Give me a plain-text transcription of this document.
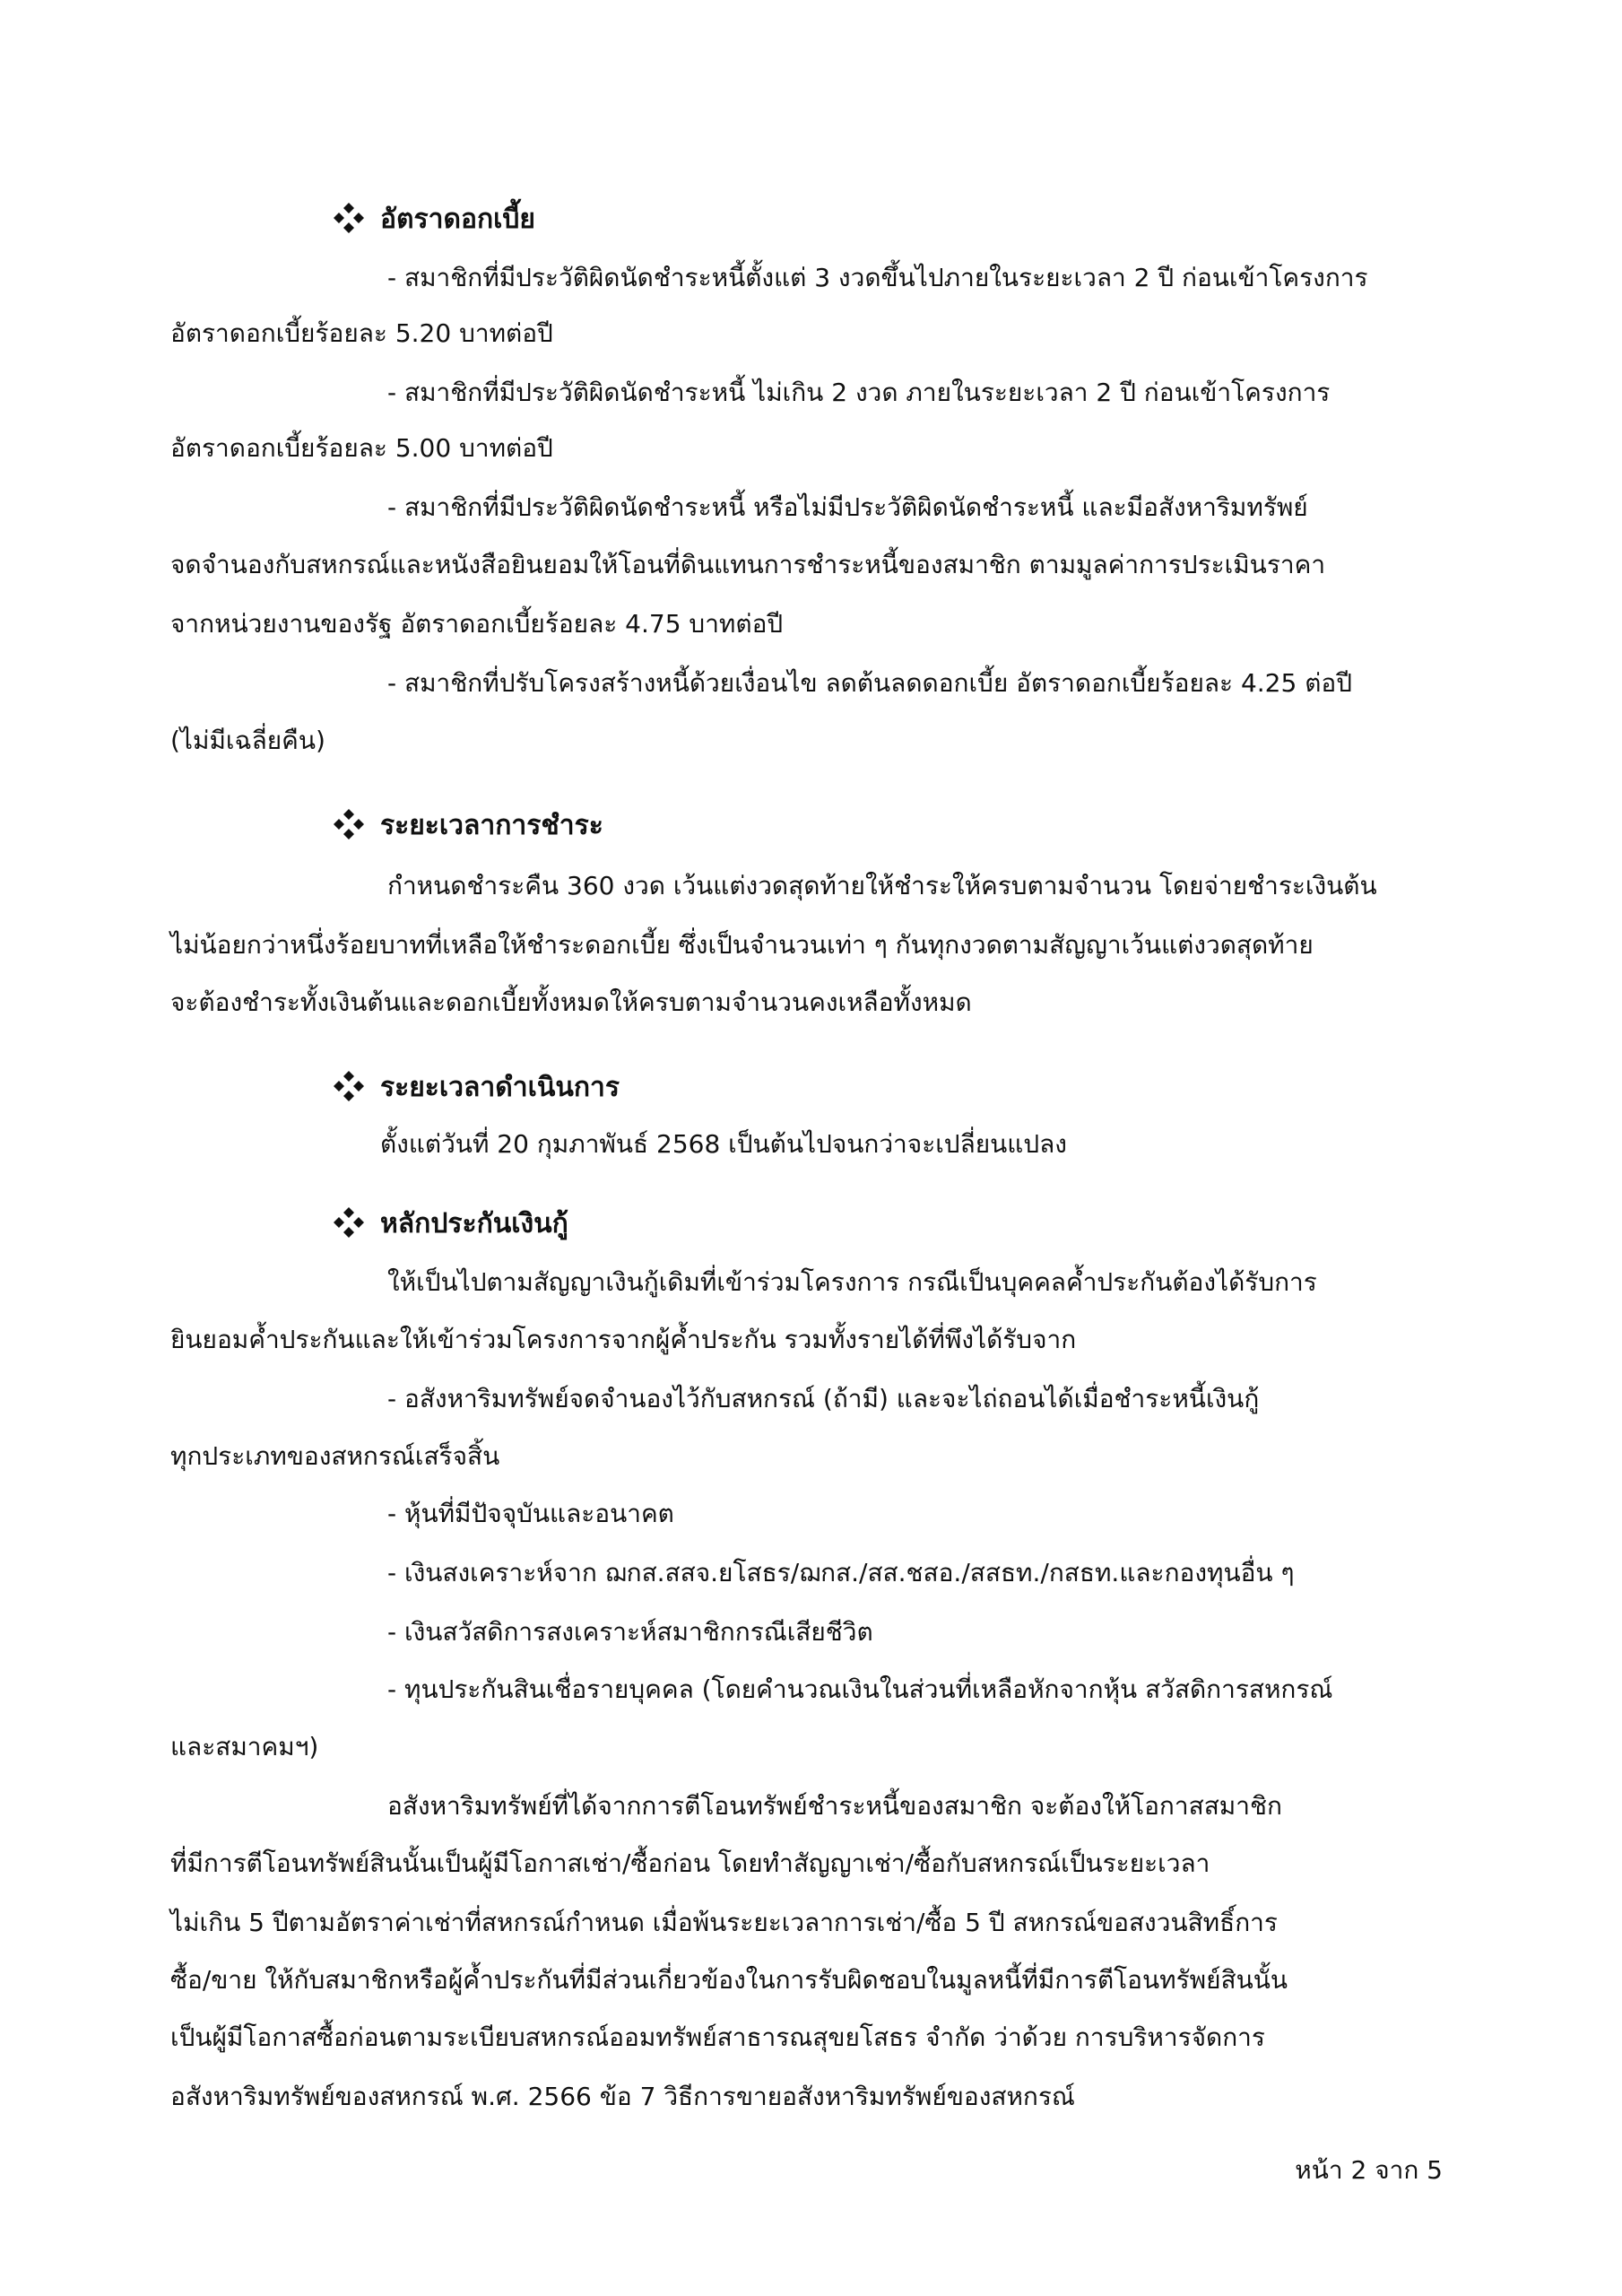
อัตราดอกเบี้ย
- สมาชิกที่มีประวัติผิดนัดชำระหนี้ตั้งแต่ 3 งวดขึ้นไปภายในระยะเวลา 2 ปี ก่อนเข้าโครงการ
อัตราดอกเบี้ยร้อยละ 5.20 บาทต่อปี
- สมาชิกที่มีประวัติผิดนัดชำระหนี้ ไม่เกิน 2 งวด ภายในระยะเวลา 2 ปี ก่อนเข้าโครงการ
อัตราดอกเบี้ยร้อยละ 5.00 บาทต่อปี
- สมาชิกที่มีประวัติผิดนัดชำระหนี้ หรือไม่มีประวัติผิดนัดชำระหนี้ และมีอสังหาริมทรัพย์
จดจำนองกับสหกรณ์และหนังสือยินยอมให้โอนที่ดินแทนการชำระหนี้ของสมาชิก ตามมูลค่าการประเมินราคา
จากหน่วยงานของรัฐ อัตราดอกเบี้ยร้อยละ 4.75 บาทต่อปี
- สมาชิกที่ปรับโครงสร้างหนี้ด้วยเงื่อนไข ลดต้นลดดอกเบี้ย อัตราดอกเบี้ยร้อยละ 4.25 ต่อปี
(ไม่มีเฉลี่ยคืน)
ระยะเวลาการชำระ
กำหนดชำระคืน 360 งวด เว้นแต่งวดสุดท้ายให้ชำระให้ครบตามจำนวน โดยจ่ายชำระเงินต้น
ไม่น้อยกว่าหนึ่งร้อยบาทที่เหลือให้ชำระดอกเบี้ย ซึ่งเป็นจำนวนเท่า ๆ กันทุกงวดตามสัญญาเว้นแต่งวดสุดท้าย
จะต้องชำระทั้งเงินต้นและดอกเบี้ยทั้งหมดให้ครบตามจำนวนคงเหลือทั้งหมด
ระยะเวลาดำเนินการ
ตั้งแต่วันที่ 20 กุมภาพันธ์ 2568 เป็นต้นไปจนกว่าจะเปลี่ยนแปลง
หลักประกันเงินกู้
ให้เป็นไปตามสัญญาเงินกู้เดิมที่เข้าร่วมโครงการ กรณีเป็นบุคคลค้ำประกันต้องได้รับการ
ยินยอมค้ำประกันและให้เข้าร่วมโครงการจากผู้ค้ำประกัน รวมทั้งรายได้ที่พึงได้รับจาก
- อสังหาริมทรัพย์จดจำนองไว้กับสหกรณ์ (ถ้ามี) และจะไถ่ถอนได้เมื่อชำระหนี้เงินกู้
ทุกประเภทของสหกรณ์เสร็จสิ้น
- หุ้นที่มีปัจจุบันและอนาคต
- เงินสงเคราะห์จาก ฌกส.สสจ.ยโสธร/ฌกส./สส.ชสอ./สสธท./กสธท.และกองทุนอื่น ๆ
- เงินสวัสดิการสงเคราะห์สมาชิกกรณีเสียชีวิต
- ทุนประกันสินเชื่อรายบุคคล (โดยคำนวณเงินในส่วนที่เหลือหักจากหุ้น สวัสดิการสหกรณ์
และสมาคมฯ)
อสังหาริมทรัพย์ที่ได้จากการตีโอนทรัพย์ชำระหนี้ของสมาชิก จะต้องให้โอกาสสมาชิก
ที่มีการตีโอนทรัพย์สินนั้นเป็นผู้มีโอกาสเช่า/ซื้อก่อน โดยทำสัญญาเช่า/ซื้อกับสหกรณ์เป็นระยะเวลา
ไม่เกิน 5 ปีตามอัตราค่าเช่าที่สหกรณ์กำหนด เมื่อพ้นระยะเวลาการเช่า/ซื้อ 5 ปี สหกรณ์ขอสงวนสิทธิ์การ
ซื้อ/ขาย ให้กับสมาชิกหรือผู้ค้ำประกันที่มีส่วนเกี่ยวข้องในการรับผิดชอบในมูลหนี้ที่มีการตีโอนทรัพย์สินนั้น
เป็นผู้มีโอกาสซื้อก่อนตามระเบียบสหกรณ์ออมทรัพย์สาธารณสุขยโสธร จำกัด ว่าด้วย การบริหารจัดการ
อสังหาริมทรัพย์ของสหกรณ์ พ.ศ. 2566 ข้อ 7 วิธีการขายอสังหาริมทรัพย์ของสหกรณ์
หน้า 2 จาก 5
